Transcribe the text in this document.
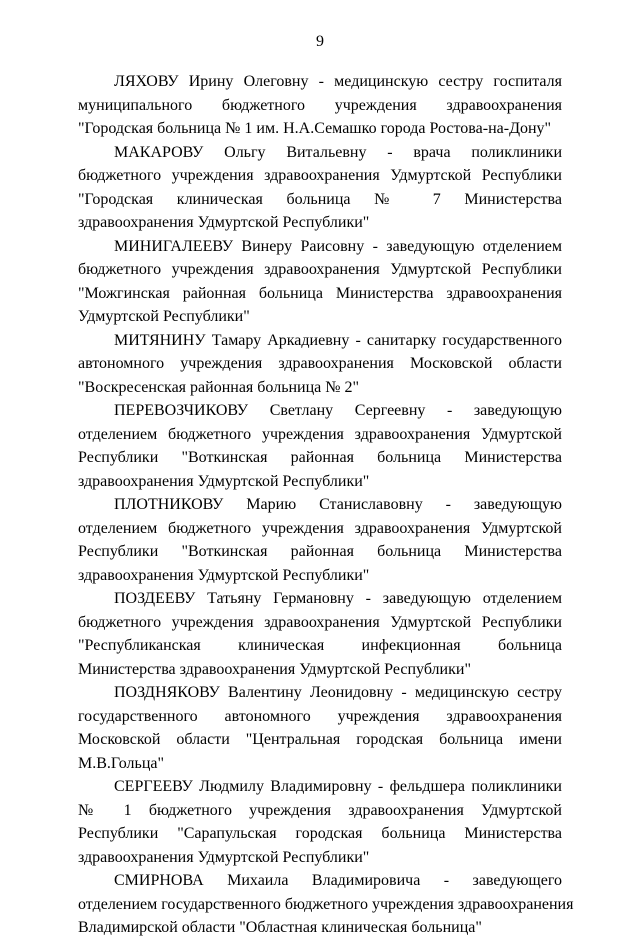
9

ЛЯХОВУ Ирину Олеговну - медицинскую сестру госпиталя
муниципального бюджетного учреждения здравоохранения
"Городская больница № 1 им. Н.А.Семашко города Ростова-на-Дону"

МАКАРОВУ Ольгу Витальевну - врача поликлиники
бюджетного учреждения здравоохранения Удмуртской Республики
"Городская клиническая больница № 7 Министерства
здравоохранения Удмуртской Республики"

МИНИГАЛЕЕВУ Винеру Раисовну - заведующую отделением
бюджетного учреждения здравоохранения Удмуртской Республики
"Можгинская районная больница Министерства здравоохранения
Удмуртской Республики"

МИТЯНИНУ Тамару Аркадиевну - санитарку государственного
автономного учреждения здравоохранения Московской области
"Воскресенская районная больница № 2"

ПЕРЕВОЗЧИКОВУ Светлану Сергеевну - заведующую
отделением бюджетного учреждения здравоохранения Удмуртской
Республики "Воткинская районная больница Министерства
здравоохранения Удмуртской Республики"

ПЛОТНИКОВУ Марию Станиславовну - заведующую
отделением бюджетного учреждения здравоохранения Удмуртской
Республики "Воткинская районная больница Министерства
здравоохранения Удмуртской Республики"

ПОЗДЕЕВУ Татьяну Германовну - заведующую отделением
бюджетного учреждения здравоохранения Удмуртской Республики
"Республиканская клиническая инфекционная больница
Министерства здравоохранения Удмуртской Республики"

ПОЗДНЯКОВУ Валентину Леонидовну - медицинскую сестру
государственного автономного учреждения здравоохранения
Московской области "Центральная городская больница имени
М.В.Гольца"

СЕРГЕЕВУ Людмилу Владимировну - фельдшера поликлиники
№ 1 бюджетного учреждения здравоохранения Удмуртской
Республики "Сарапульская городская больница Министерства
здравоохранения Удмуртской Республики"

СМИРНОВА Михаила Владимировича - заведующего
отделением государственного бюджетного учреждения здравоохранения
Владимирской области "Областная клиническая больница"
